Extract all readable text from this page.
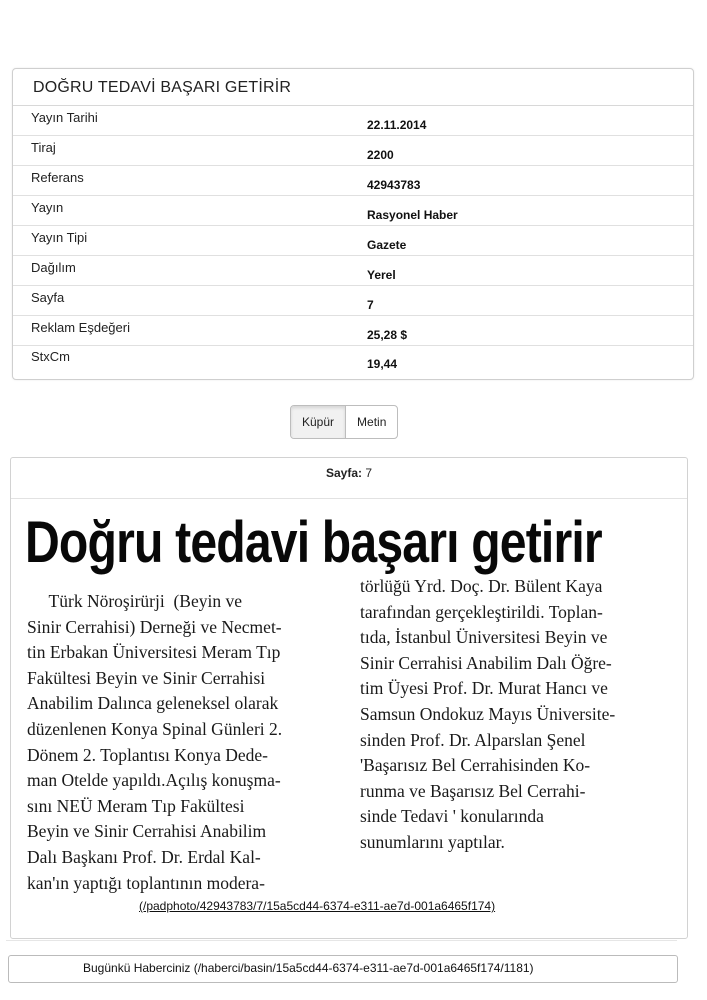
DOĞRU TEDAVİ BAŞARI GETİRİR
Yayın Tarihi	22.11.2014
Tiraj	2200
Referans	42943783
Yayın	Rasyonel Haber
Yayın Tipi	Gazete
Dağılım	Yerel
Sayfa	7
Reklam Eşdeğeri	25,28 $
StxCm	19,44
Küpür	Metin
Sayfa: 7
Doğru tedavi başarı getirir

Türk Nöroşirürji  (Beyin ve

Sinir Cerrahisi) Derneği ve Necmet-

tin Erbakan Üniversitesi Meram Tıp

Fakültesi Beyin ve Sinir Cerrahisi

Anabilim Dalınca geleneksel olarak

düzenlenen Konya Spinal Günleri 2.

Dönem 2. Toplantısı Konya Dede-

man Otelde yapıldı.Açılış konuşma-

sını NEÜ Meram Tıp Fakültesi

Beyin ve Sinir Cerrahisi Anabilim

Dalı Başkanı Prof. Dr. Erdal Kal-

kan'ın yaptığı toplantının modera-

törlüğü Yrd. Doç. Dr. Bülent Kaya

tarafından gerçekleştirildi. Toplan-

tıda, İstanbul Üniversitesi Beyin ve

Sinir Cerrahisi Anabilim Dalı Öğre-

tim Üyesi Prof. Dr. Murat Hancı ve

Samsun Ondokuz Mayıs Üniversite-

sinden Prof. Dr. Alparslan Şenel

'Başarısız Bel Cerrahisinden Ko-

runma ve Başarısız Bel Cerrahi-

sinde Tedavi ' konularında

sunumlarını yaptılar.

(/padphoto/42943783/7/15a5cd44-6374-e311-ae7d-001a6465f174)
Bugünkü Haberciniz (/haberci/basin/15a5cd44-6374-e311-ae7d-001a6465f174/1181)
